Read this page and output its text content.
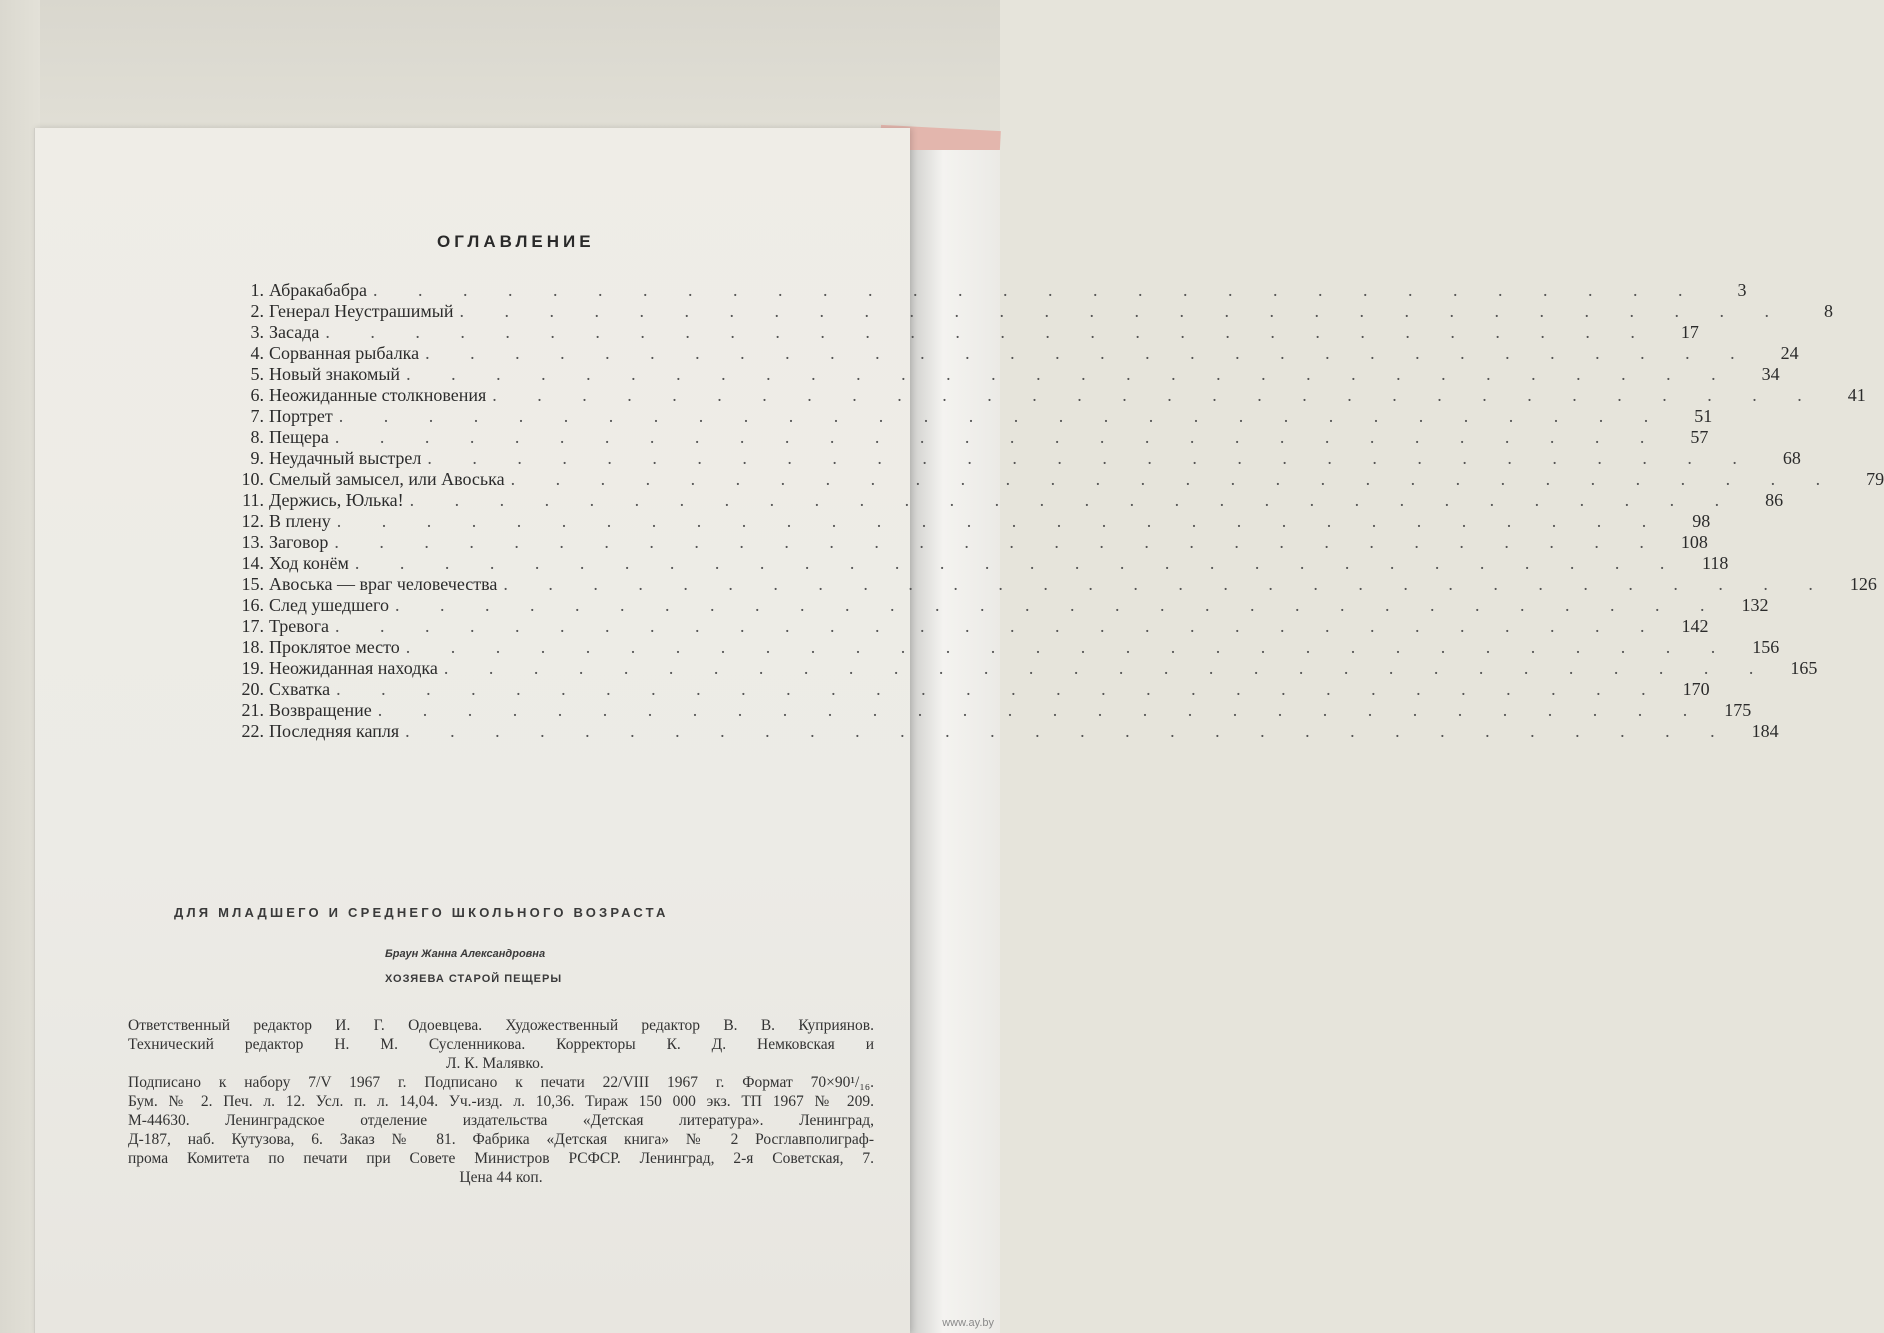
ОГЛАВЛЕНИЕ
1. Абракабабра . . . . . . . . . . . . . . . . . . . . . . . . . . . . . .	3
2. Генерал Неустрашимый . . . . . . . . . . . . . . . . . . . . . . . . . . . . . .	8
3. Засада . . . . . . . . . . . . . . . . . . . . . . . . . . . . . .	17
4. Сорванная рыбалка . . . . . . . . . . . . . . . . . . . . . . . . . . . . . .	24
5. Новый знакомый . . . . . . . . . . . . . . . . . . . . . . . . . . . . . .	34
6. Неожиданные столкновения . . . . . . . . . . . . . . . . . . . . . . . . . . . . . .	41
7. Портрет . . . . . . . . . . . . . . . . . . . . . . . . . . . . . .	51
8. Пещера . . . . . . . . . . . . . . . . . . . . . . . . . . . . . .	57
9. Неудачный выстрел . . . . . . . . . . . . . . . . . . . . . . . . . . . . . .	68
10. Смелый замысел, или Авоська . . . . . . . . . . . . . . . . . . . . . . . . . . . . . .	79
11. Держись, Юлька! . . . . . . . . . . . . . . . . . . . . . . . . . . . . . .	86
12. В плену . . . . . . . . . . . . . . . . . . . . . . . . . . . . . .	98
13. Заговор . . . . . . . . . . . . . . . . . . . . . . . . . . . . . .	108
14. Ход конём . . . . . . . . . . . . . . . . . . . . . . . . . . . . . .	118
15. Авоська — враг человечества . . . . . . . . . . . . . . . . . . . . . . . . . . . . . .	126
16. След ушедшего . . . . . . . . . . . . . . . . . . . . . . . . . . . . . .	132
17. Тревога . . . . . . . . . . . . . . . . . . . . . . . . . . . . . .	142
18. Проклятое место . . . . . . . . . . . . . . . . . . . . . . . . . . . . . .	156
19. Неожиданная находка . . . . . . . . . . . . . . . . . . . . . . . . . . . . . .	165
20. Схватка . . . . . . . . . . . . . . . . . . . . . . . . . . . . . .	170
21. Возвращение . . . . . . . . . . . . . . . . . . . . . . . . . . . . . .	175
22. Последняя капля . . . . . . . . . . . . . . . . . . . . . . . . . . . . . .	184
ДЛЯ МЛАДШЕГО И СРЕДНЕГО ШКОЛЬНОГО ВОЗРАСТА
Браун Жанна Александровна
ХОЗЯЕВА СТАРОЙ ПЕЩЕРЫ
Ответственный редактор И. Г. Одоевцева. Художественный редактор В. В. Куприянов.
Технический редактор Н. М. Сусленникова. Корректоры К. Д. Немковская и
Л. К. Малявко.
Подписано к набору 7/V 1967 г. Подписано к печати 22/VIII 1967 г. Формат 70×90¹/₁₆.
Бум. № 2. Печ. л. 12. Усл. п. л. 14,04. Уч.-изд. л. 10,36. Тираж 150 000 экз. ТП 1967 № 209.
М-44630. Ленинградское отделение издательства «Детская литература». Ленинград,
Д-187, наб. Кутузова, 6. Заказ № 81. Фабрика «Детская книга» № 2 Росглавполиграф-
прома Комитета по печати при Совете Министров РСФСР. Ленинград, 2-я Советская, 7.
Цена 44 коп.
www.ay.by
